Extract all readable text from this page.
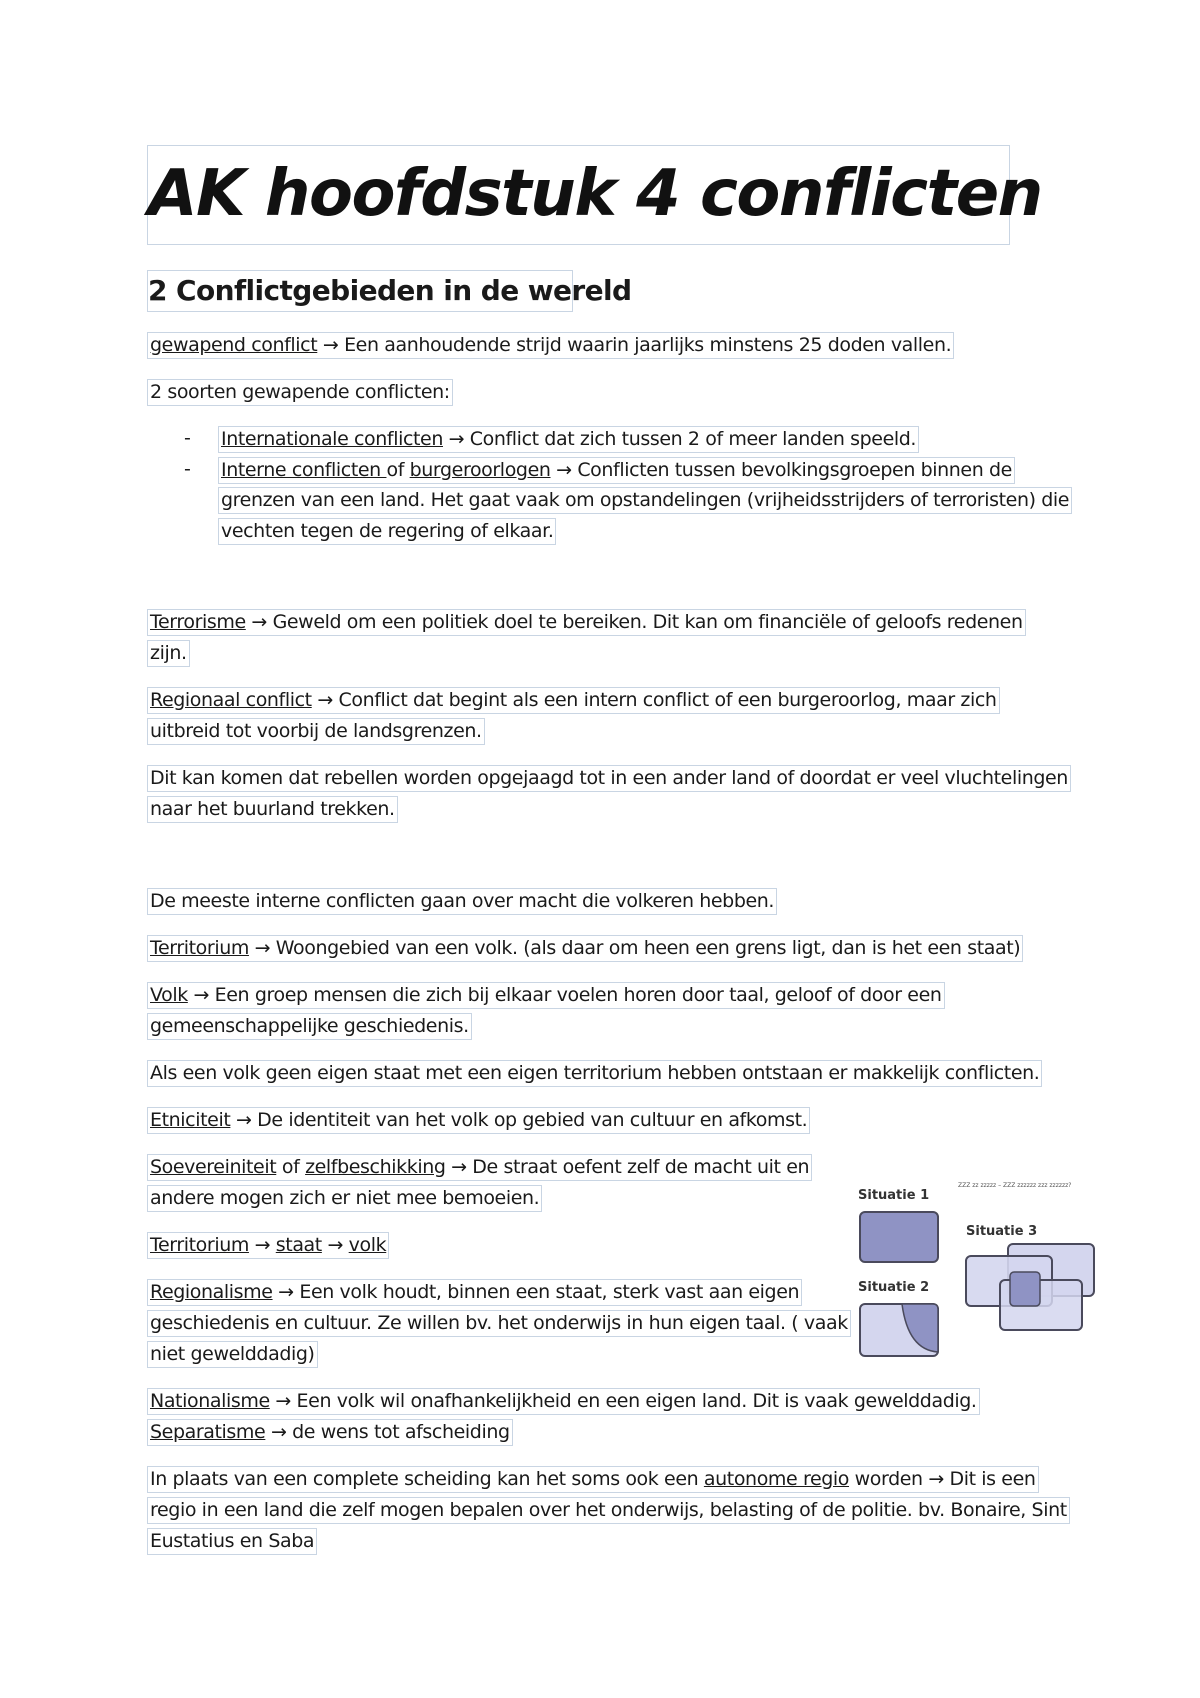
AK hoofdstuk 4 conflicten
2 Conflictgebieden in de wereld
gewapend conflict → Een aanhoudende strijd waarin jaarlijks minstens 25 doden vallen.
2 soorten gewapende conflicten:
- Internationale conflicten → Conflict dat zich tussen 2 of meer landen speeld.
- Interne conflicten of burgeroorlogen → Conflicten tussen bevolkingsgroepen binnen de
grenzen van een land. Het gaat vaak om opstandelingen (vrijheidsstrijders of terroristen) die
vechten tegen de regering of elkaar.
Terrorisme → Geweld om een politiek doel te bereiken. Dit kan om financiële of geloofs redenen
zijn.
Regionaal conflict → Conflict dat begint als een intern conflict of een burgeroorlog, maar zich
uitbreid tot voorbij de landsgrenzen.
Dit kan komen dat rebellen worden opgejaagd tot in een ander land of doordat er veel vluchtelingen
naar het buurland trekken.
De meeste interne conflicten gaan over macht die volkeren hebben.
Territorium → Woongebied van een volk. (als daar om heen een grens ligt, dan is het een staat)
Volk → Een groep mensen die zich bij elkaar voelen horen door taal, geloof of door een
gemeenschappelijke geschiedenis.
Als een volk geen eigen staat met een eigen territorium hebben ontstaan er makkelijk conflicten.
Etniciteit → De identiteit van het volk op gebied van cultuur en afkomst.
Soevereiniteit of zelfbeschikking → De straat oefent zelf de macht uit en
andere mogen zich er niet mee bemoeien.
Territorium → staat → volk
Regionalisme → Een volk houdt, binnen een staat, sterk vast aan eigen
geschiedenis en cultuur. Ze willen bv. het onderwijs in hun eigen taal. ( vaak
niet gewelddadig)
Nationalisme → Een volk wil onafhankelijkheid en een eigen land. Dit is vaak gewelddadig.
Separatisme → de wens tot afscheiding
In plaats van een complete scheiding kan het soms ook een autonome regio worden → Dit is een
regio in een land die zelf mogen bepalen over het onderwijs, belasting of de politie. bv. Bonaire, Sint
Eustatius en Saba
Situatie 1
ZZZ zz zzzzz – ZZZ zzzzzz zzz zzzzzz?
Situatie 3
Situatie 2
